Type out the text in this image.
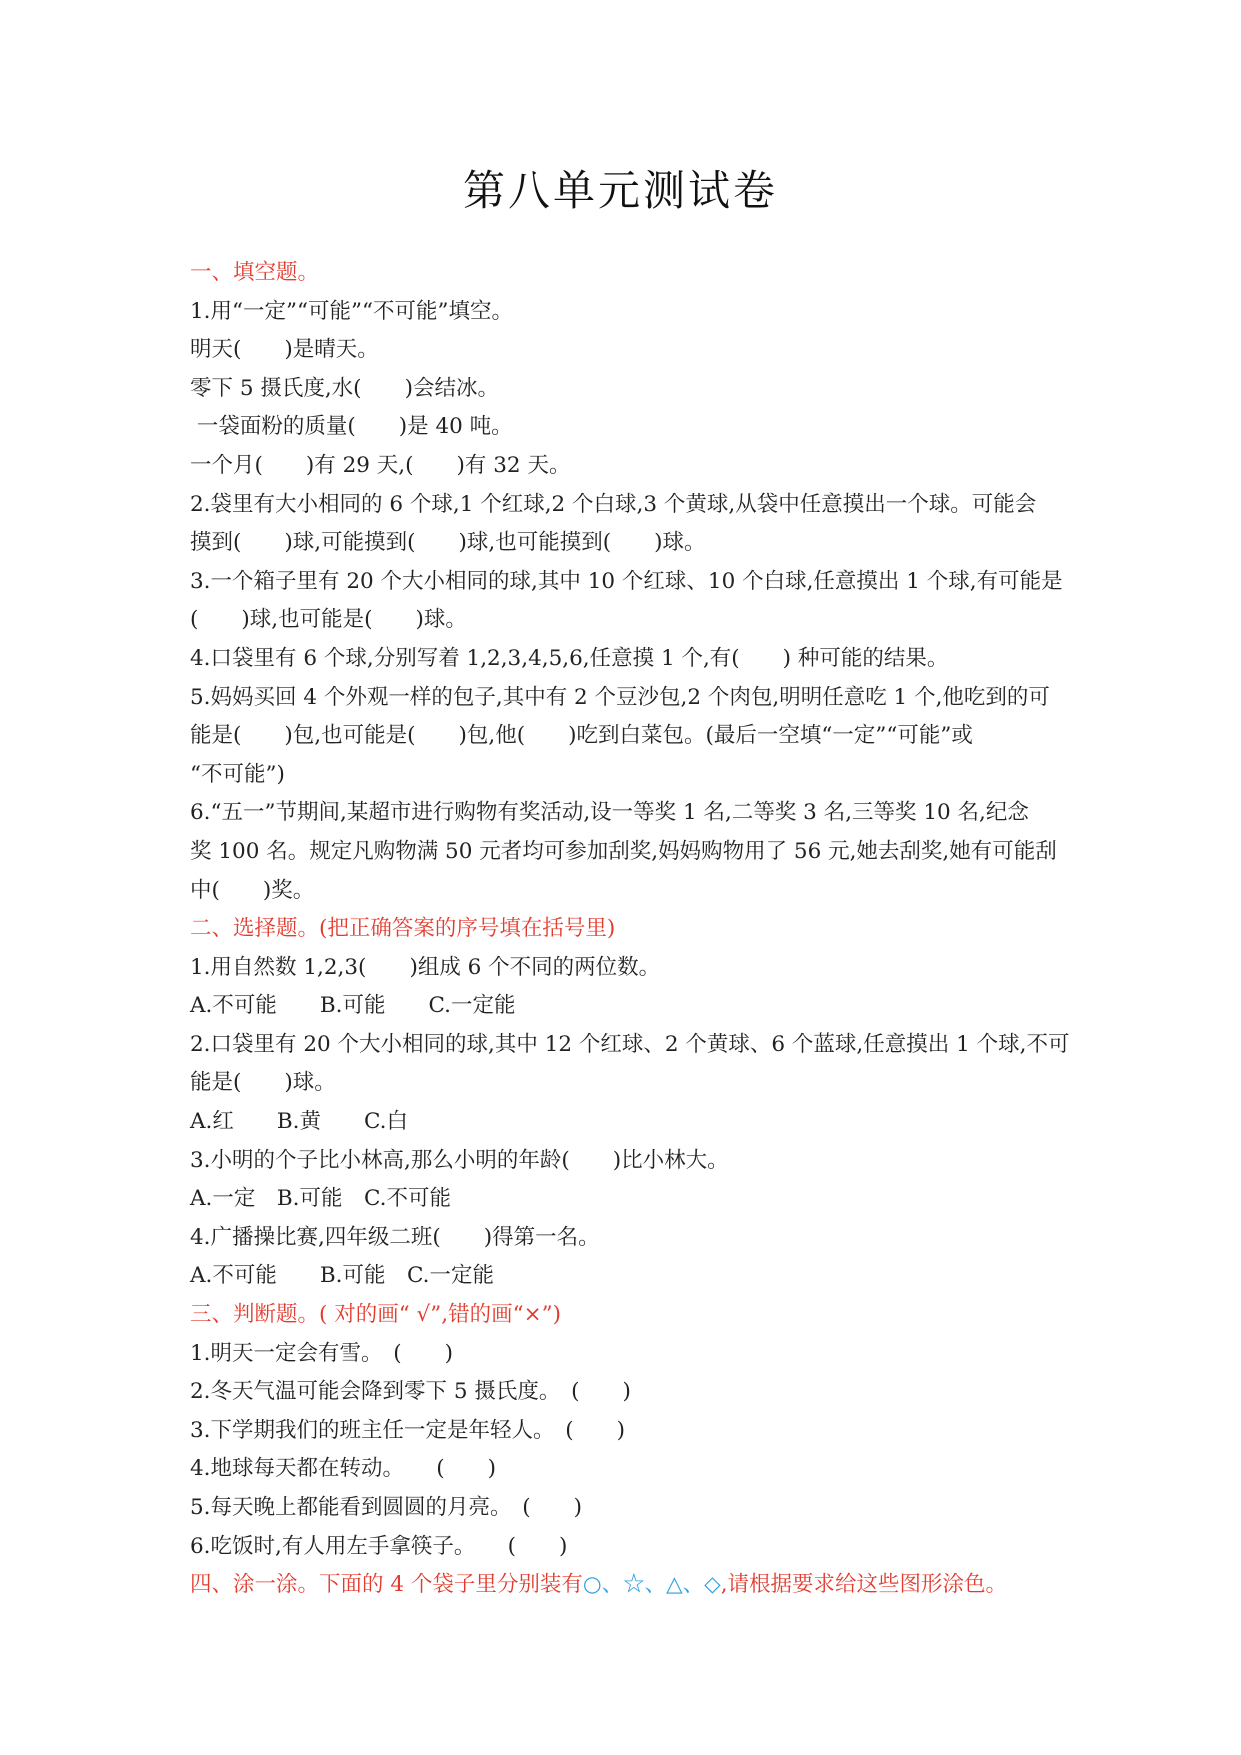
第八单元测试卷
一、填空题。
1.用“一定”“可能”“不可能”填空。
明天(　　)是晴天。
零下 5 摄氏度,水(　　)会结冰。
一袋面粉的质量(　　)是 40 吨。
一个月(　　)有 29 天,(　　)有 32 天。
2.袋里有大小相同的 6 个球,1 个红球,2 个白球,3 个黄球,从袋中任意摸出一个球。可能会
摸到(　　)球,可能摸到(　　)球,也可能摸到(　　)球。
3.一个箱子里有 20 个大小相同的球,其中 10 个红球、10 个白球,任意摸出 1 个球,有可能是
(　　)球,也可能是(　　)球。
4.口袋里有 6 个球,分别写着 1,2,3,4,5,6,任意摸 1 个,有(　　) 种可能的结果。
5.妈妈买回 4 个外观一样的包子,其中有 2 个豆沙包,2 个肉包,明明任意吃 1 个,他吃到的可
能是(　　)包,也可能是(　　)包,他(　　)吃到白菜包。(最后一空填“一定”“可能”或
“不可能”)
6.“五一”节期间,某超市进行购物有奖活动,设一等奖 1 名,二等奖 3 名,三等奖 10 名,纪念
奖 100 名。规定凡购物满 50 元者均可参加刮奖,妈妈购物用了 56 元,她去刮奖,她有可能刮
中(　　)奖。
二、选择题。(把正确答案的序号填在括号里)
1.用自然数 1,2,3(　　)组成 6 个不同的两位数。
A.不可能　　B.可能　　C.一定能
2.口袋里有 20 个大小相同的球,其中 12 个红球、2 个黄球、6 个蓝球,任意摸出 1 个球,不可
能是(　　)球。
A.红　　B.黄　　C.白
3.小明的个子比小林高,那么小明的年龄(　　)比小林大。
A.一定　B.可能　C.不可能
4.广播操比赛,四年级二班(　　)得第一名。
A.不可能　　B.可能　C.一定能
三、判断题。( 对的画“ √”,错的画“×”)
1.明天一定会有雪。　(　　)
2.冬天气温可能会降到零下 5 摄氏度。　(　　)
3.下学期我们的班主任一定是年轻人。　(　　)
4.地球每天都在转动。　　(　　)
5.每天晚上都能看到圆圆的月亮。　(　　)
6.吃饭时,有人用左手拿筷子。　　(　　)
四、涂一涂。下面的 4 个袋子里分别装有○、☆、△、◇,请根据要求给这些图形涂色。
